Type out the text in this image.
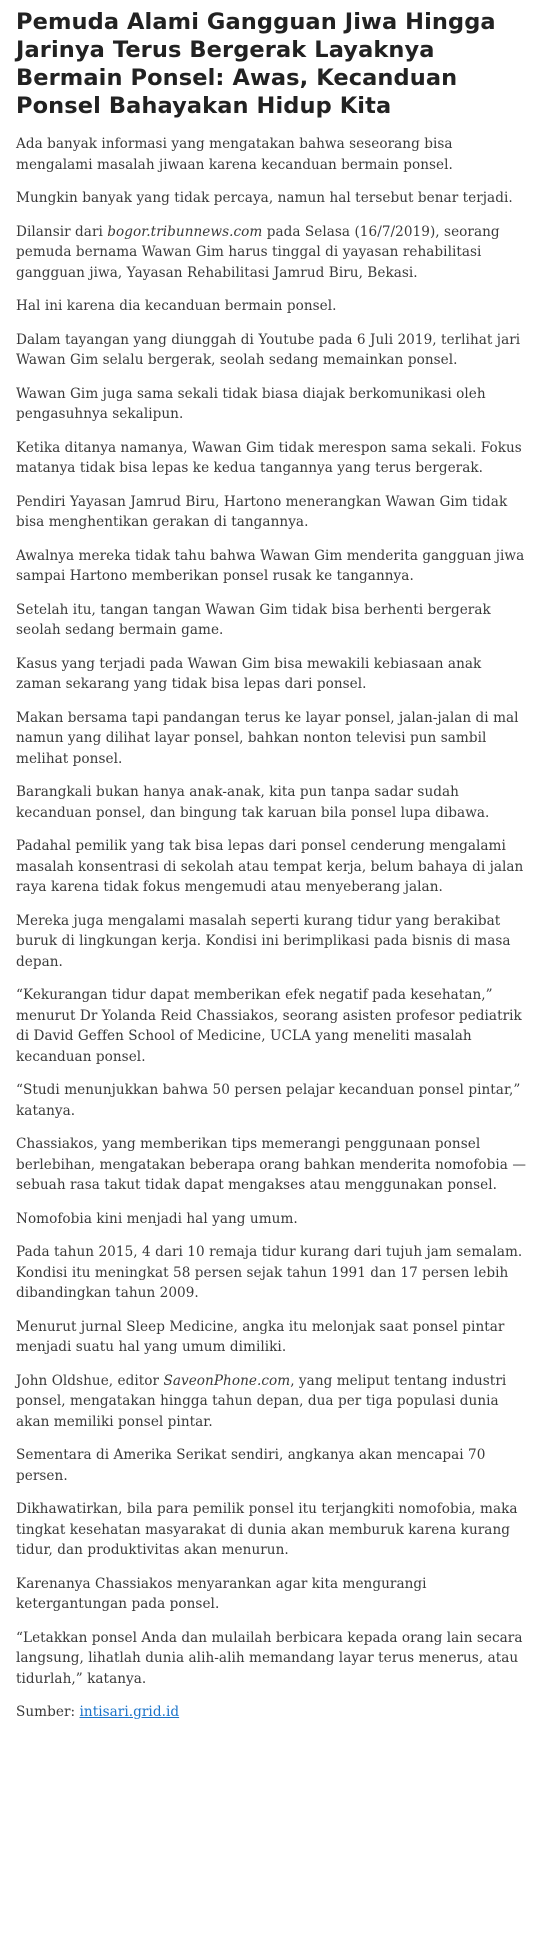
Pemuda Alami Gangguan Jiwa Hingga Jarinya Terus Bergerak Layaknya Bermain Ponsel: Awas, Kecanduan Ponsel Bahayakan Hidup Kita

Ada banyak informasi yang mengatakan bahwa seseorang bisa mengalami masalah jiwaan karena kecanduan bermain ponsel.

Mungkin banyak yang tidak percaya, namun hal tersebut benar terjadi.

Dilansir dari bogor.tribunnews.com pada Selasa (16/7/2019), seorang pemuda bernama Wawan Gim harus tinggal di yayasan rehabilitasi gangguan jiwa, Yayasan Rehabilitasi Jamrud Biru, Bekasi.

Hal ini karena dia kecanduan bermain ponsel.

Dalam tayangan yang diunggah di Youtube pada 6 Juli 2019, terlihat jari Wawan Gim selalu bergerak, seolah sedang memainkan ponsel.

Wawan Gim juga sama sekali tidak biasa diajak berkomunikasi oleh pengasuhnya sekalipun.

Ketika ditanya namanya, Wawan Gim tidak merespon sama sekali. Fokus matanya tidak bisa lepas ke kedua tangannya yang terus bergerak.

Pendiri Yayasan Jamrud Biru, Hartono menerangkan Wawan Gim tidak bisa menghentikan gerakan di tangannya.

Awalnya mereka tidak tahu bahwa Wawan Gim menderita gangguan jiwa sampai Hartono memberikan ponsel rusak ke tangannya.

Setelah itu, tangan tangan Wawan Gim tidak bisa berhenti bergerak seolah sedang bermain game.

Kasus yang terjadi pada Wawan Gim bisa mewakili kebiasaan anak zaman sekarang yang tidak bisa lepas dari ponsel.

Makan bersama tapi pandangan terus ke layar ponsel, jalan-jalan di mal namun yang dilihat layar ponsel, bahkan nonton televisi pun sambil melihat ponsel.

Barangkali bukan hanya anak-anak, kita pun tanpa sadar sudah kecanduan ponsel, dan bingung tak karuan bila ponsel lupa dibawa.

Padahal pemilik yang tak bisa lepas dari ponsel cenderung mengalami masalah konsentrasi di sekolah atau tempat kerja, belum bahaya di jalan raya karena tidak fokus mengemudi atau menyeberang jalan.

Mereka juga mengalami masalah seperti kurang tidur yang berakibat buruk di lingkungan kerja. Kondisi ini berimplikasi pada bisnis di masa depan.

“Kekurangan tidur dapat memberikan efek negatif pada kesehatan,” menurut Dr Yolanda Reid Chassiakos, seorang asisten profesor pediatrik di David Geffen School of Medicine, UCLA yang meneliti masalah kecanduan ponsel.

“Studi menunjukkan bahwa 50 persen pelajar kecanduan ponsel pintar,” katanya.

Chassiakos, yang memberikan tips memerangi penggunaan ponsel berlebihan, mengatakan beberapa orang bahkan menderita nomofobia —sebuah rasa takut tidak dapat mengakses atau menggunakan ponsel.

Nomofobia kini menjadi hal yang umum.

Pada tahun 2015, 4 dari 10 remaja tidur kurang dari tujuh jam semalam. Kondisi itu meningkat 58 persen sejak tahun 1991 dan 17 persen lebih dibandingkan tahun 2009.

Menurut jurnal Sleep Medicine, angka itu melonjak saat ponsel pintar menjadi suatu hal yang umum dimiliki.

John Oldshue, editor SaveonPhone.com, yang meliput tentang industri ponsel, mengatakan hingga tahun depan, dua per tiga populasi dunia akan memiliki ponsel pintar.

Sementara di Amerika Serikat sendiri, angkanya akan mencapai 70 persen.

Dikhawatirkan, bila para pemilik ponsel itu terjangkiti nomofobia, maka tingkat kesehatan masyarakat di dunia akan memburuk karena kurang tidur, dan produktivitas akan menurun.

Karenanya Chassiakos menyarankan agar kita mengurangi ketergantungan pada ponsel.

“Letakkan ponsel Anda dan mulailah berbicara kepada orang lain secara langsung, lihatlah dunia alih-alih memandang layar terus menerus, atau tidurlah,” katanya.

Sumber: intisari.grid.id
